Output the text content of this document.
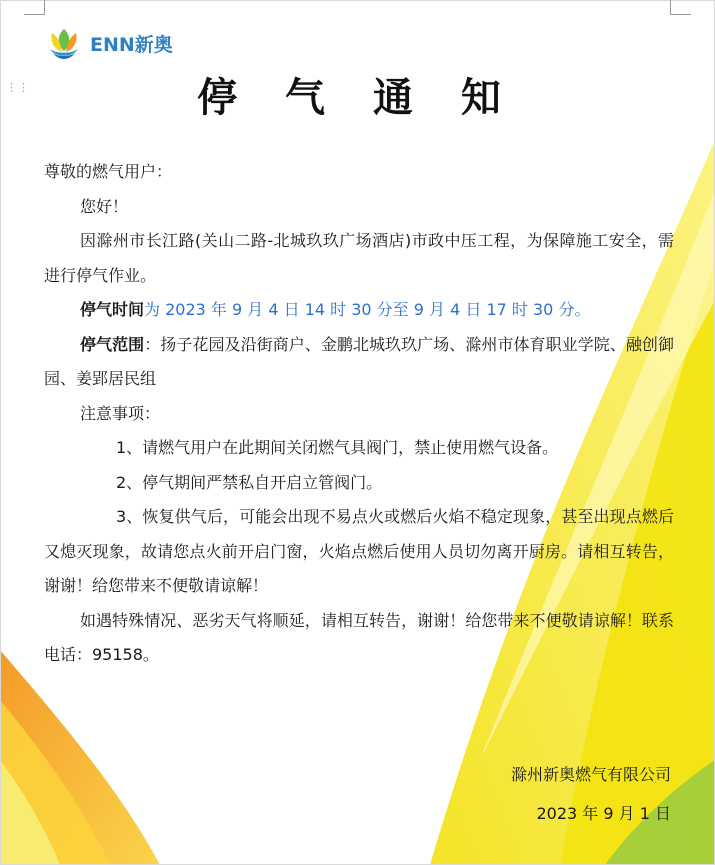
⋮⋮
ENN新奥
停 气 通 知

尊敬的燃气用户：

您好！

因滁州市长江路(关山二路-北城玖玖广场酒店)市政中压工程，为保障施工安全，需进行停气作业。

停气时间为 2023 年 9 月 4 日 14 时 30 分至 9 月 4 日 17 时 30 分。

停气范围：扬子花园及沿街商户、金鹏北城玖玖广场、滁州市体育职业学院、融创御园、姜郢居民组

注意事项：

1、请燃气用户在此期间关闭燃气具阀门，禁止使用燃气设备。

2、停气期间严禁私自开启立管阀门。

3、恢复供气后，可能会出现不易点火或燃后火焰不稳定现象，甚至出现点燃后又熄灭现象，故请您点火前开启门窗，火焰点燃后使用人员切勿离开厨房。请相互转告，谢谢！给您带来不便敬请谅解！

如遇特殊情况、恶劣天气将顺延，请相互转告，谢谢！给您带来不便敬请谅解！联系电话：95158。

滁州新奥燃气有限公司
2023 年 9 月 1 日
